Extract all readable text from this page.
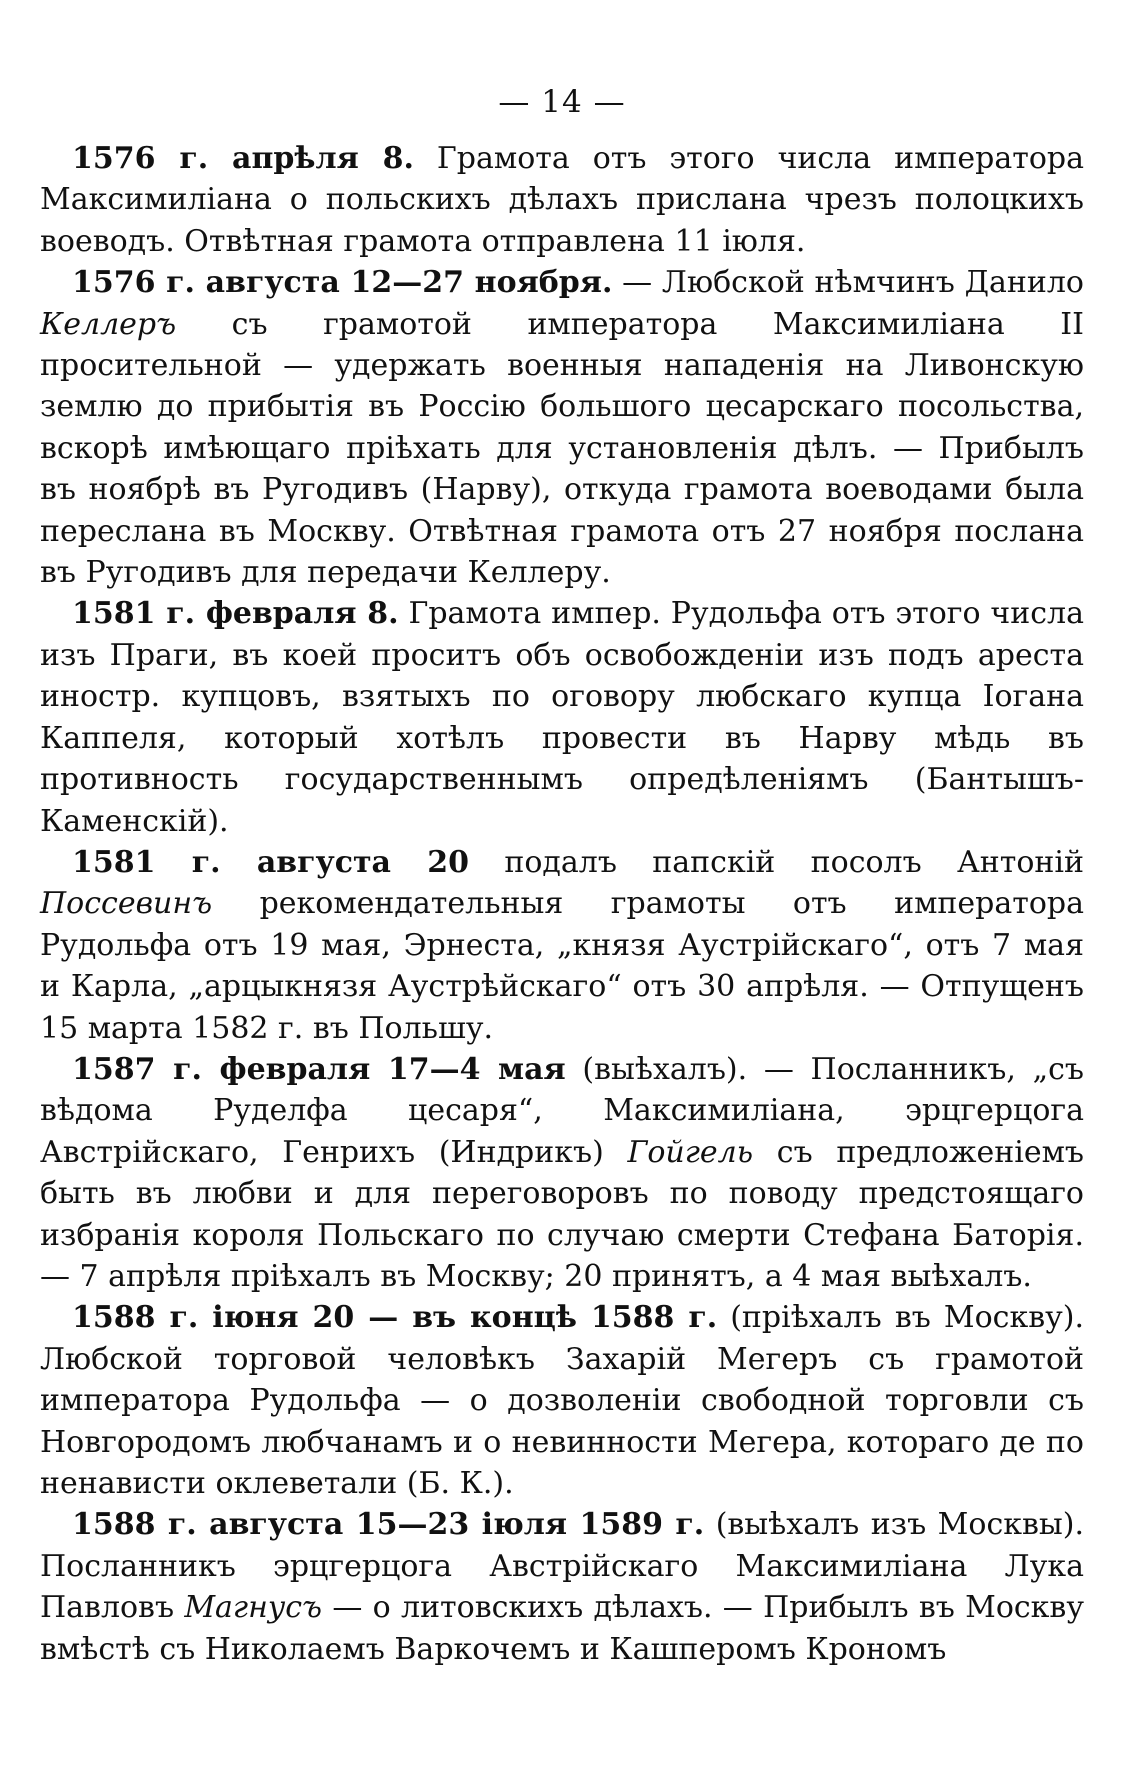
— 14 —

1576 г. апрѣля 8. Грамота отъ этого числа императора Максимиліана о польскихъ дѣлахъ прислана чрезъ полоцкихъ воеводъ. Отвѣтная грамота отправлена 11 іюля.

1576 г. августа 12—27 ноября. — Любской нѣмчинъ Данило Келлеръ съ грамотой императора Максимиліана II просительной — удержать военныя нападенія на Ливонскую землю до прибытія въ Россію большого цесарскаго посольства, вскорѣ имѣющаго пріѣхать для установленія дѣлъ. — Прибылъ въ ноябрѣ въ Ругодивъ (Нарву), откуда грамота воеводами была переслана въ Москву. Отвѣтная грамота отъ 27 ноября послана въ Ругодивъ для передачи Келлеру.

1581 г. февраля 8. Грамота импер. Рудольфа отъ этого числа изъ Праги, въ коей проситъ объ освобожденіи изъ подъ ареста иностр. купцовъ, взятыхъ по оговору любскаго купца Іогана Каппеля, который хотѣлъ провести въ Нарву мѣдь въ противность государственнымъ опредѣленіямъ (Бантышъ-Каменскій).

1581 г. августа 20 подалъ папскій посолъ Антоній Поссевинъ рекомендательныя грамоты отъ императора Рудольфа отъ 19 мая, Эрнеста, „князя Аустрійскаго“, отъ 7 мая и Карла, „арцыкнязя Аустрѣйскаго“ отъ 30 апрѣля. — Отпущенъ 15 марта 1582 г. въ Польшу.

1587 г. февраля 17—4 мая (выѣхалъ). — Посланникъ, „съ вѣдома Руделфа цесаря“, Максимиліана, эрцгерцога Австрійскаго, Генрихъ (Индрикъ) Гойгель съ предложеніемъ быть въ любви и для переговоровъ по поводу предстоящаго избранія короля Польскаго по случаю смерти Стефана Баторія. — 7 апрѣля пріѣхалъ въ Москву; 20 принятъ, а 4 мая выѣхалъ.

1588 г. іюня 20 — въ концѣ 1588 г. (пріѣхалъ въ Москву). Любской торговой человѣкъ Захарій Мегеръ съ грамотой императора Рудольфа — о дозволеніи свободной торговли съ Новгородомъ любчанамъ и о невинности Мегера, котораго де по ненависти оклеветали (Б. К.).

1588 г. августа 15—23 іюля 1589 г. (выѣхалъ изъ Москвы). Посланникъ эрцгерцога Австрійскаго Максимиліана Лука Павловъ Магнусъ — о литовскихъ дѣлахъ. — Прибылъ въ Москву вмѣстѣ съ Николаемъ Варкочемъ и Кашперомъ Крономъ
